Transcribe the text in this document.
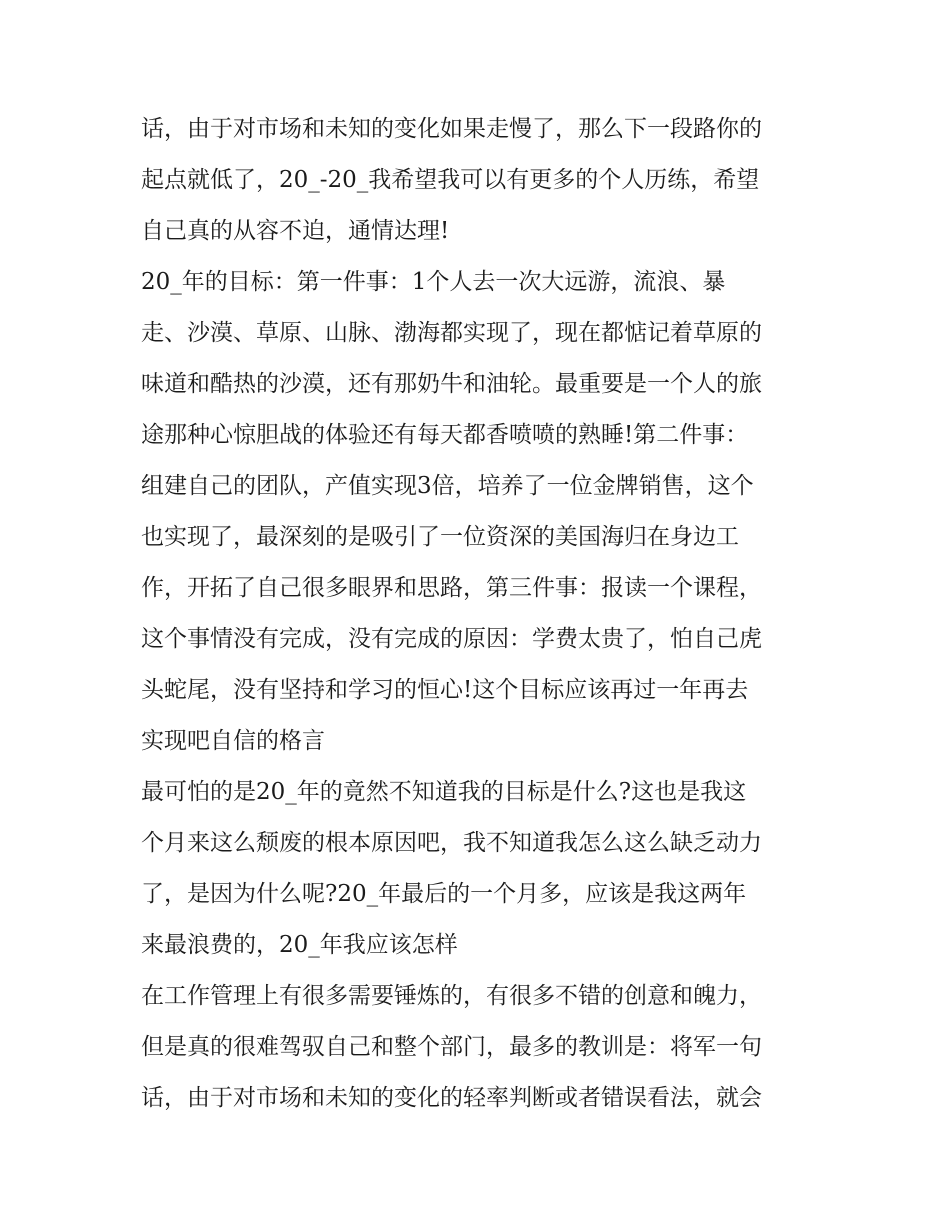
话，由于对市场和未知的变化如果走慢了，那么下一段路你的
起点就低了，20_-20_我希望我可以有更多的个人历练，希望
自己真的从容不迫，通情达理!
20_年的目标：第一件事：1个人去一次大远游，流浪、暴
走、沙漠、草原、山脉、渤海都实现了，现在都惦记着草原的
味道和酷热的沙漠，还有那奶牛和油轮。最重要是一个人的旅
途那种心惊胆战的体验还有每天都香喷喷的熟睡!第二件事：
组建自己的团队，产值实现3倍，培养了一位金牌销售，这个
也实现了，最深刻的是吸引了一位资深的美国海归在身边工
作，开拓了自己很多眼界和思路，第三件事：报读一个课程，
这个事情没有完成，没有完成的原因：学费太贵了，怕自己虎
头蛇尾，没有坚持和学习的恒心!这个目标应该再过一年再去
实现吧自信的格言
最可怕的是20_年的竟然不知道我的目标是什么?这也是我这
个月来这么颓废的根本原因吧，我不知道我怎么这么缺乏动力
了，是因为什么呢?20_年最后的一个月多，应该是我这两年
来最浪费的，20_年我应该怎样
在工作管理上有很多需要锤炼的，有很多不错的创意和魄力，
但是真的很难驾驭自己和整个部门，最多的教训是：将军一句
话，由于对市场和未知的变化的轻率判断或者错误看法，就会
